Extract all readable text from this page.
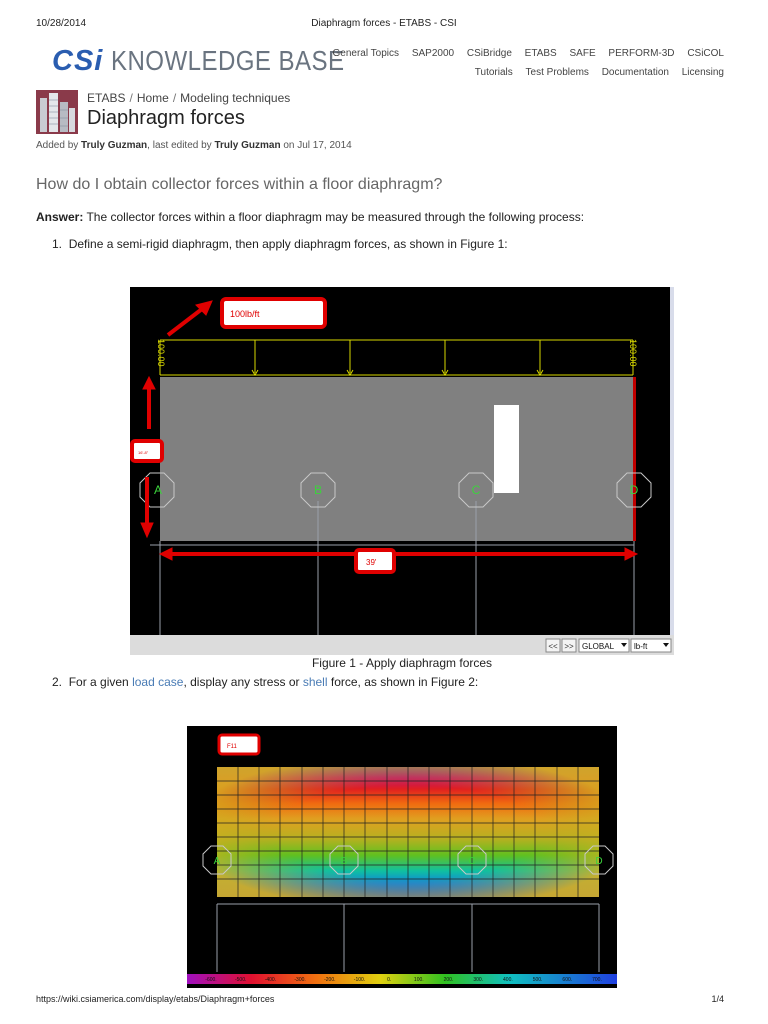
10/28/2014	Diaphragm forces - ETABS - CSI
CSi KNOWLEDGE BASE
General Topics SAP2000 CSiBridge ETABS SAFE PERFORM-3D CSiCOL
Tutorials Test Problems Documentation Licensing
ETABS / Home / Modeling techniques
Diaphragm forces
Added by Truly Guzman, last edited by Truly Guzman on Jul 17, 2014
How do I obtain collector forces within a floor diaphragm?
Answer: The collector forces within a floor diaphragm may be measured through the following process:
1. Define a semi-rigid diaphragm, then apply diaphragm forces, as shown in Figure 1:
100.00	100.00
A	B	C	D
100lb/ft
16'-8"
39'
<< >> GLOBAL lb-ft
Figure 1 - Apply diaphragm forces
2. For a given load case, display any stress or shell force, as shown in Figure 2:
A	B	C	D
F11
-600.	-500.	-400.	-300.	-200.	-100.	0.	100.	200.	300.	400.	500.	600.	700.
https://wiki.csiamerica.com/display/etabs/Diaphragm+forces	1/4
